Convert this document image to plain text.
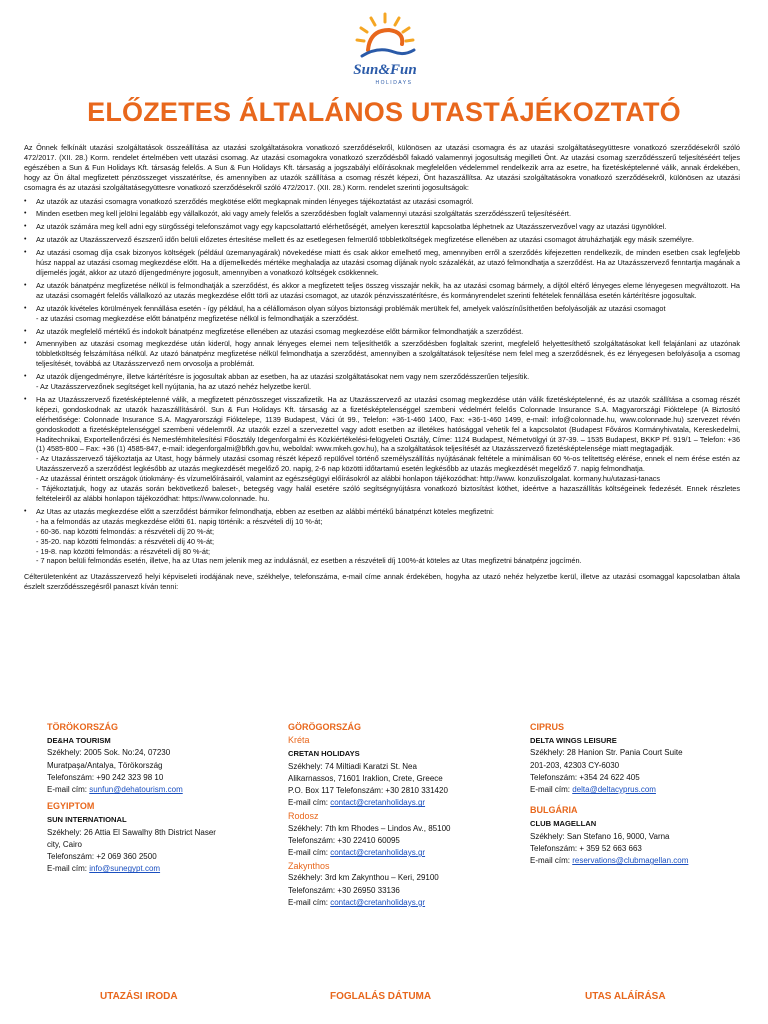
Sun&Fun
HOLIDAYS
ELŐZETES ÁLTALÁNOS UTASTÁJÉKOZTATÓ

Az Önnek felkínált utazási szolgáltatások összeállítása az utazási szolgáltatásokra vonatkozó szerződésekről, különösen az utazási csomagra és az utazási szolgáltatásegyüttesre vonatkozó szerződésekről szóló 472/2017. (XII. 28.) Korm. rendelet értelmében vett utazási csomag. Az utazási csomagokra vonatkozó szerződésből fakadó valamennyi jogosultság megilleti Önt. Az utazási csomag szerződésszerű teljesítéséért teljes egészében a Sun & Fun Holidays Kft. társaság felelős. A Sun & Fun Holidays Kft. társaság a jogszabályi előírásoknak megfelelően védelemmel rendelkezik arra az esetre, ha fizetésképtelenné válik, annak érdekében, hogy az Ön által megfizetett pénzösszeget visszatérítse, és amennyiben az utazók szállítása a csomag részét képezi, Önt hazaszállítsa. Az utazási szolgáltatásokra vonatkozó szerződésekről, különösen az utazási csomagra és az utazási szolgáltatásegyüttesre vonatkozó szerződésekről szóló 472/2017. (XII. 28.) Korm. rendelet szerinti jogosultságok:

• Az utazók az utazási csomagra vonatkozó szerződés megkötése előtt megkapnak minden lényeges tájékoztatást az utazási csomagról.
• Minden esetben meg kell jelölni legalább egy vállalkozót, aki vagy amely felelős a szerződésben foglalt valamennyi utazási szolgáltatás szerződésszerű teljesítéséért.
• Az utazók számára meg kell adni egy sürgősségi telefonszámot vagy egy kapcsolattartó elérhetőségét, amelyen keresztül kapcsolatba léphetnek az Utazásszervezővel vagy az utazási ügynökkel.
• Az utazók az Utazásszervező észszerű időn belüli előzetes értesítése mellett és az esetlegesen felmerülő többletköltségek megfizetése ellenében az utazási csomagot átruházhatják egy másik személyre.
• Az utazási csomag díja csak bizonyos költségek (például üzemanyagárak) növekedése miatt és csak akkor emelhető meg, amennyiben erről a szerződés kifejezetten rendelkezik, de minden esetben csak legfeljebb húsz nappal az utazási csomag megkezdése előtt. Ha a díjemelkedés mértéke meghaladja az utazási csomag díjának nyolc százalékát, az utazó felmondhatja a szerződést. Ha az Utazásszervező fenntartja magának a díjemelés jogát, akkor az utazó díjengedményre jogosult, amennyiben a vonatkozó költségek csökkennek.
• Az utazók bánatpénz megfizetése nélkül is felmondhatják a szerződést, és akkor a megfizetett teljes összeg visszajár nekik, ha az utazási csomag bármely, a díjtól eltérő lényeges eleme lényegesen megváltozott. Ha az utazási csomagért felelős vállalkozó az utazás megkezdése előtt törli az utazási csomagot, az utazók pénzvisszatérítésre, és kormányrendelet szerinti feltételek fennállása esetén kártérítésre jogosultak.
• Az utazók kivételes körülmények fennállása esetén - így például, ha a célállomáson olyan súlyos biztonsági problémák merültek fel, amelyek valószínűsíthetően befolyásolják az utazási csomagot
- az utazási csomag megkezdése előtt bánatpénz megfizetése nélkül is felmondhatják a szerződést.
• Az utazók megfelelő mértékű és indokolt bánatpénz megfizetése ellenében az utazási csomag megkezdése előtt bármikor felmondhatják a szerződést.
• Amennyiben az utazási csomag megkezdése után kiderül, hogy annak lényeges elemei nem teljesíthetők a szerződésben foglaltak szerint, megfelelő helyettesíthető szolgáltatásokat kell felajánlani az utazónak többletköltség felszámítása nélkül. Az utazó bánatpénz megfizetése nélkül felmondhatja a szerződést, amennyiben a szolgáltatások teljesítése nem felel meg a szerződésnek, és ez lényegesen befolyásolja a csomag teljesítését, továbbá az Utazásszervező nem orvosolja a problémát.
• Az utazók díjengedményre, illetve kártérítésre is jogosultak abban az esetben, ha az utazási szolgáltatásokat nem vagy nem szerződésszerűen teljesítik.
- Az Utazásszervezőnek segítséget kell nyújtania, ha az utazó nehéz helyzetbe kerül.
• Ha az Utazásszervező fizetésképtelenné válik, a megfizetett pénzösszeget visszafizetik. Ha az Utazásszervező az utazási csomag megkezdése után válik fizetésképtelenné, és az utazók szállítása a csomag részét képezi, gondoskodnak az utazók hazaszállításáról. Sun & Fun Holidays Kft. társaság az a fizetésképtelenséggel szembeni védelmért felelős Colonnade Insurance S.A. Magyarországi Fióktelepe (A Biztosító elérhetősége: Colonnade Insurance S.A. Magyarországi Fióktelepe, 1139 Budapest, Váci út 99., Telefon: +36-1-460 1400, Fax: +36-1-460 1499, e-mail: info@colonnade.hu, www.colonnade.hu) szervezet révén gondoskodott a fizetésképtelenséggel szembeni védelemről. Az utazók ezzel a szervezettel vagy adott esetben az illetékes hatósággal vehetik fel a kapcsolatot (Budapest Főváros Kormányhivatala, Kereskedelmi, Haditechnikai, Exportellenőrzési és Nemesfémhitelesítési Főosztály Idegenforgalmi és Közkiértékelési-felügyeleti Osztály, Címe: 1124 Budapest, Németvölgyi út 37-39. – 1535 Budapest, BKKP Pf. 919/1 – Telefon: +36 (1) 4585-800 – Fax: +36 (1) 4585-847, e-mail: idegenforgalmi@bfkh.gov.hu, weboldal: www.mkeh.gov.hu), ha a szolgáltatások teljesítését az Utazásszervező fizetésképtelensége miatt megtagadják.
- Az Utazásszervező tájékoztatja az Utast, hogy bármely utazási csomag részét képező repülővel történő személyszállítás nyújtásának feltétele a minimálisan 60 %-os telítettség elérése, ennek el nem érése estén az Utazásszervező a szerződést legkésőbb az utazás megkezdését megelőző 20. napig, 2-6 nap közötti időtartamú esetén legkésőbb az utazás megkezdését megelőző 7. napig felmondhatja.
- Az utazással érintett országok útiokmány- és vízumelőírásairól, valamint az egészségügyi előírásokról az alábbi honlapon tájékozódhat: http://www. konzuliszolgalat. kormany.hu/utazasi-tanacs
- Tájékoztatjuk, hogy az utazás során bekövetkező baleset-, betegség vagy halál esetére szóló segítségnyújtásra vonatkozó biztosítást köthet, ideértve a hazaszállítás költségeinek fedezését. Ennek részletes feltételeiről az alábbi honlapon tájékozódhat: https://www.colonnade. hu.
• Az Utas az utazás megkezdése előtt a szerződést bármikor felmondhatja, ebben az esetben az alábbi mértékű bánatpénzt köteles megfizetni:
- ha a felmondás az utazás megkezdése előtti 61. napig történik: a részvételi díj 10 %-át;
- 60-36. nap közötti felmondás: a részvételi díj 20 %-át;
- 35-20. nap közötti felmondás: a részvételi díj 40 %-át;
- 19-8. nap közötti felmondás: a részvételi díj 80 %-át;
- 7 napon belüli felmondás esetén, illetve, ha az Utas nem jelenik meg az indulásnál, ez esetben a részvételi díj 100%-át köteles az Utas megfizetni bánatpénz jogcímén.

Célterületenként az Utazásszervező helyi képviseleti irodájának neve, székhelye, telefonszáma, e-mail címe annak érdekében, hogyha az utazó nehéz helyzetbe kerül, illetve az utazási csomaggal kapcsolatban általa észlelt szerződésszegésről panaszt kíván tenni:

TÖRÖKORSZÁG
DE&HA TOURISM
Székhely: 2005 Sok. No:24, 07230
Muratpaşa/Antalya, Törökország
Telefonszám: +90 242 323 98 10
E-mail cím: sunfun@dehatourism.com
EGYIPTOM
SUN INTERNATIONAL
Székhely: 26 Attia El Sawalhy 8th District Naser
city, Cairo
Telefonszám: +2 069 360 2500
E-mail cím: info@sunegypt.com
GÖRÖGORSZÁG
Kréta
CRETAN HOLIDAYS
Székhely: 74 Miltiadi Karatzi St. Nea
Alikarnassos, 71601 Iraklion, Crete, Greece
P.O. Box 117 Telefonszám: +30 2810 331420
E-mail cím: contact@cretanholidays.gr
Rodosz
Székhely: 7th km Rhodes – Lindos Av., 85100
Telefonszám: +30 22410 60095
E-mail cím: contact@cretanholidays.gr
Zakynthos
Székhely: 3rd km Zakynthou – Keri, 29100
Telefonszám: +30 26950 33136
E-mail cím: contact@cretanholidays.gr
CIPRUS
DELTA WINGS LEISURE
Székhely: 28 Hanion Str. Pania Court Suite
201-203, 42303 CY-6030
Telefonszám: +354 24 622 405
E-mail cím: delta@deltacyprus.com
BULGÁRIA
CLUB MAGELLAN
Székhely: San Stefano 16, 9000, Varna
Telefonszám: + 359 52 663 663
E-mail cím: reservations@clubmagellan.com
UTAZÁSI IRODA	FOGLALÁS DÁTUMA	UTAS ALÁÍRÁSA
